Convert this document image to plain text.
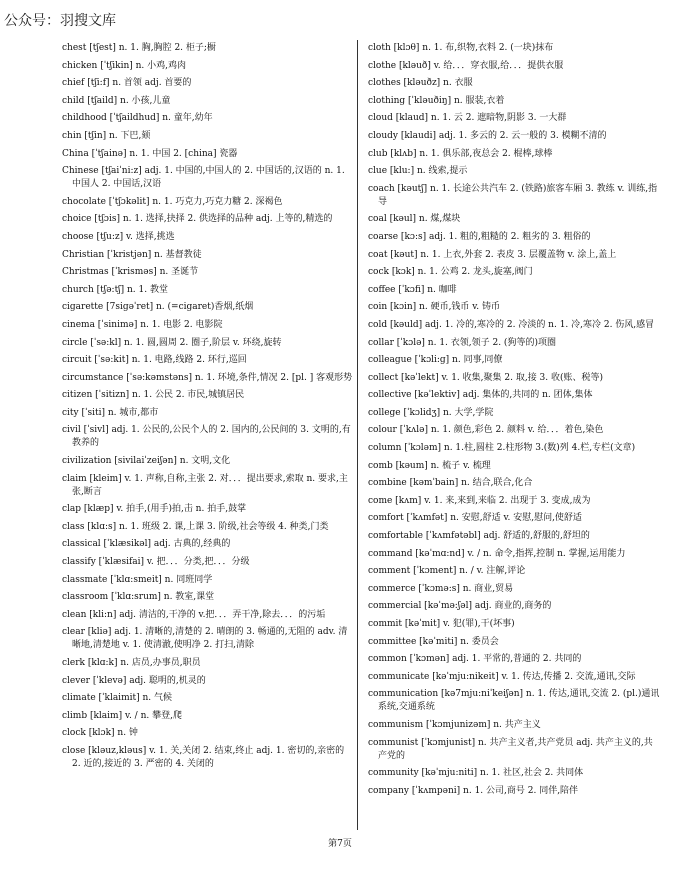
公众号：羽搜文库
chest [tʃest] n. 1. 胸,胸腔 2. 柜子;橱
chicken [ˈtʃikin] n. 小鸡,鸡肉
chief [tʃi:f] n. 首领 adj. 首要的
child [tʃaild] n. 小孩,儿童
childhood [ˈtʃaildhud] n. 童年,幼年
chin [tʃin] n. 下巴,颏
China [ˈtʃainə] n. 1. 中国 2. [china] 瓷器
Chinese [tʃaiˈni:z] adj. 1. 中国的,中国人的 2. 中国话的,汉语的 n. 1. 中国人 2. 中国话,汉语
chocolate [ˈtʃɔkəlit] n. 1. 巧克力,巧克力糖 2. 深褐色
choice [tʃɔis] n. 1. 选择,抉择 2. 供选择的品种 adj. 上等的,精选的
choose [tʃu:z] v. 选择,挑选
Christian [ˈkristjən] n. 基督教徒
Christmas [ˈkrisməs] n. 圣诞节
church [tʃə:tʃ] n. 1. 教堂
cigarette [7sigəˈret] n. (=cigaret)香烟,纸烟
cinema [ˈsinimə] n. 1. 电影 2. 电影院
circle [ˈsə:kl] n. 1. 圆,圆周 2. 圈子,阶层 v. 环绕,旋转
circuit [ˈsə:kit] n. 1. 电路,线路 2. 环行,巡回
circumstance [ˈsə:kəmstəns] n. 1. 环境,条件,情况 2. [pl. ] 客观形势
citizen [ˈsitizn] n. 1. 公民 2. 市民,城镇居民
city [ˈsiti] n. 城市,都市
civil [ˈsivl] adj. 1. 公民的,公民个人的 2. 国内的,公民间的 3. 文明的,有教养的
civilization [sivilaiˈzeiʃən] n. 文明,文化
claim [kleim] v. 1. 声称,自称,主张 2. 对．．．提出要求,索取 n. 要求,主张,断言
clap [klæp] v. 拍手,(用手)拍,击 n. 拍手,鼓掌
class [klɑ:s] n. 1. 班级 2. 课,上课 3. 阶级,社会等级 4. 种类,门类
classical [ˈklæsikəl] adj. 古典的,经典的
classify [ˈklæsifai] v. 把．．．分类,把．．．分级
classmate [ˈklɑ:smeit] n. 同班同学
classroom [ˈklɑ:srum] n. 教室,课堂
clean [kli:n] adj. 清洁的,干净的 v.把．．．弄干净,除去．．．的污垢
clear [kliə] adj. 1. 清晰的,清楚的 2. 晴朗的 3. 畅通的,无阻的 adv. 清晰地,清楚地 v. 1. 使清澈,使明净 2. 打扫,清除
clerk [klɑ:k] n. 店员,办事员,职员
clever [ˈklevə] adj. 聪明的,机灵的
climate [ˈklaimit] n. 气候
climb [klaim] v. / n. 攀登,爬
clock [klɔk] n. 钟
close [kləuz,kləus] v. 1. 关,关闭 2. 结束,终止 adj. 1. 密切的,亲密的 2. 近的,接近的 3. 严密的 4. 关闭的
cloth [klɔθ] n. 1. 布,织物,衣料 2. (一块)抹布
clothe [kləuð] v. 给．．．穿衣服,给．．．提供衣服
clothes [kləuðz] n. 衣服
clothing [ˈkləuðiŋ] n. 服装,衣着
cloud [klaud] n. 1. 云 2. 遮暗物,阴影 3. 一大群
cloudy [klaudi] adj. 1. 多云的 2. 云一般的 3. 模糊不清的
club [klʌb] n. 1. 俱乐部,夜总会 2. 棍棒,球棒
clue [klu:] n. 线索,提示
coach [kəutʃ] n. 1. 长途公共汽车 2. (铁路)旅客车厢 3. 教练 v. 训练,指导
coal [kəul] n. 煤,煤块
coarse [kɔ:s] adj. 1. 粗的,粗糙的 2. 粗劣的 3. 粗俗的
coat [kəut] n. 1. 上衣,外套 2. 表皮 3. 层覆盖物 v. 涂上,盖上
cock [kɔk] n. 1. 公鸡 2. 龙头,旋塞,阀门
coffee [ˈkɔfi] n. 咖啡
coin [kɔin] n. 硬币,钱币 v. 铸币
cold [kəuld] adj. 1. 冷的,寒冷的 2. 冷淡的 n. 1. 冷,寒冷 2. 伤风,感冒
collar [ˈkɔlə] n. 1. 衣领,领子 2. (狗等的)项圈
colleague [ˈkɔli:g] n. 同事,同僚
collect [kəˈlekt] v. 1. 收集,聚集 2. 取,接 3. 收(账、税等)
collective [kəˈlektiv] adj. 集体的,共同的 n. 团体,集体
college [ˈkɔlidʒ] n. 大学,学院
colour [ˈkʌlə] n. 1. 颜色,彩色 2. 颜料 v. 给．．．着色,染色
column [ˈkɔləm] n. 1.柱,圆柱 2.柱形物 3.(数)列 4.栏,专栏(文章)
comb [kəum] n. 梳子 v. 梳理
combine [kəmˈbain] n. 结合,联合,化合
come [kʌm] v. 1. 来,来到,来临 2. 出现于 3. 变成,成为
comfort [ˈkʌmfət] n. 安慰,舒适 v. 安慰,慰问,使舒适
comfortable [ˈkʌmfətəbl] adj. 舒适的,舒服的,舒坦的
command [kəˈmɑ:nd] v. / n. 命令,指挥,控制 n. 掌握,运用能力
comment [ˈkɔment] n. / v. 注解,评论
commerce [ˈkɔmə:s] n. 商业,贸易
commercial [kəˈmə:ʃəl] adj. 商业的,商务的
commit [kəˈmit] v. 犯(罪),干(坏事)
committee [kəˈmiti] n. 委员会
common [ˈkɔmən] adj. 1. 平常的,普通的 2. 共同的
communicate [kəˈmju:nikeit] v. 1. 传达,传播 2. 交流,通讯,交际
communication [kə7mju:niˈkeiʃən] n. 1. 传达,通讯,交流 2. (pl.)通讯系统,交通系统
communism [ˈkɔmjunizəm] n. 共产主义
communist [ˈkɔmjunist] n. 共产主义者,共产党员 adj. 共产主义的,共产党的
community [kəˈmju:niti] n. 1. 社区,社会 2. 共同体
company [ˈkʌmpəni] n. 1. 公司,商号 2. 同伴,陪伴
第7页
